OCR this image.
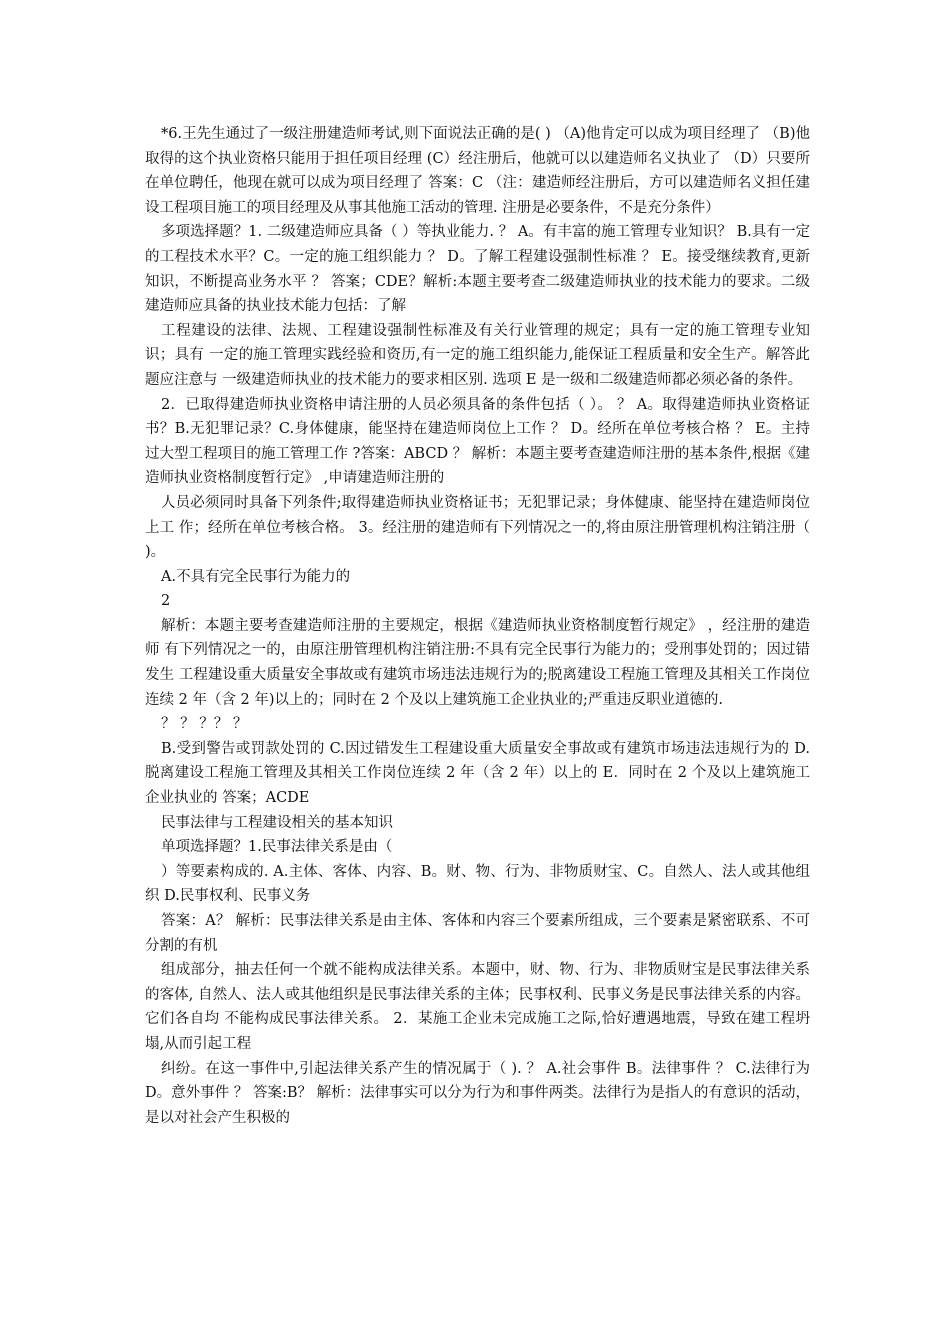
*6.王先生通过了一级注册建造师考试,则下面说法正确的是( ) （A)他肯定可以成为项目经理了 （B)他取得的这个执业资格只能用于担任项目经理 (C）经注册后，他就可以以建造师名义执业了 （D）只要所在单位聘任，他现在就可以成为项目经理了 答案：C （注：建造师经注册后，方可以建造师名义担任建设工程项目施工的项目经理及从事其他施工活动的管理. 注册是必要条件，不是充分条件）

多项选择题？1. 二级建造师应具备（ ）等执业能力. ？ A。有丰富的施工管理专业知识？ B.具有一定的工程技术水平？C。一定的施工组织能力 ？ D。了解工程建设强制性标准 ？ E。接受继续教育,更新知识，不断提高业务水平 ？ 答案；CDE？解析:本题主要考查二级建造师执业的技术能力的要求。二级建造师应具备的执业技术能力包括：了解

工程建设的法律、法规、工程建设强制性标准及有关行业管理的规定；具有一定的施工管理专业知识；具有 一定的施工管理实践经验和资历,有一定的施工组织能力,能保证工程质量和安全生产。解答此题应注意与 一级建造师执业的技术能力的要求相区别. 选项 E 是一级和二级建造师都必须必备的条件。

2．已取得建造师执业资格申请注册的人员必须具备的条件包括（ ）。 ？ A。取得建造师执业资格证书？B.无犯罪记录？C.身体健康，能坚持在建造师岗位上工作 ？ D。经所在单位考核合格 ？ E。主持过大型工程项目的施工管理工作 ?答案：ABCD ？ 解析：本题主要考查建造师注册的基本条件,根据《建造师执业资格制度暂行定》 ,申请建造师注册的

人员必须同时具备下列条件;取得建造师执业资格证书；无犯罪记录；身体健康、能坚持在建造师岗位上工 作；经所在单位考核合格。 3。经注册的建造师有下列情况之一的,将由原注册管理机构注销注册（ )。

A.不具有完全民事行为能力的

2

解析：本题主要考查建造师注册的主要规定，根据《建造师执业资格制度暂行规定》 ，经注册的建造师 有下列情况之一的，由原注册管理机构注销注册:不具有完全民事行为能力的；受刑事处罚的；因过错发生 工程建设重大质量安全事故或有建筑市场违法违规行为的;脱离建设工程施工管理及其相关工作岗位连续 2 年（含 2 年)以上的；同时在 2 个及以上建筑施工企业执业的;严重违反职业道德的.

？ ？ ？？ ？

B.受到警告或罚款处罚的 C.因过错发生工程建设重大质量安全事故或有建筑市场违法违规行为的 D.脱离建设工程施工管理及其相关工作岗位连续 2 年（含 2 年）以上的 E．同时在 2 个及以上建筑施工企业执业的 答案；ACDE

民事法律与工程建设相关的基本知识

单项选择题？1.民事法律关系是由（

）等要素构成的. A.主体、客体、内容、B。财、物、行为、非物质财宝、C。自然人、法人或其他组织 D.民事权利、民事义务

答案：A？ 解析：民事法律关系是由主体、客体和内容三个要素所组成，三个要素是紧密联系、不可分割的有机

组成部分，抽去任何一个就不能构成法律关系。本题中，财、物、行为、非物质财宝是民事法律关系的客体, 自然人、法人或其他组织是民事法律关系的主体；民事权利、民事义务是民事法律关系的内容。它们各自均 不能构成民事法律关系。 2．某施工企业未完成施工之际,恰好遭遇地震，导致在建工程坍塌,从而引起工程

纠纷。在这一事件中,引起法律关系产生的情况属于（ ). ？ A.社会事件 B。法律事件 ？ C.法律行为 D。意外事件 ？ 答案:B？ 解析：法律事实可以分为行为和事件两类。法律行为是指人的有意识的活动，是以对社会产生积极的
